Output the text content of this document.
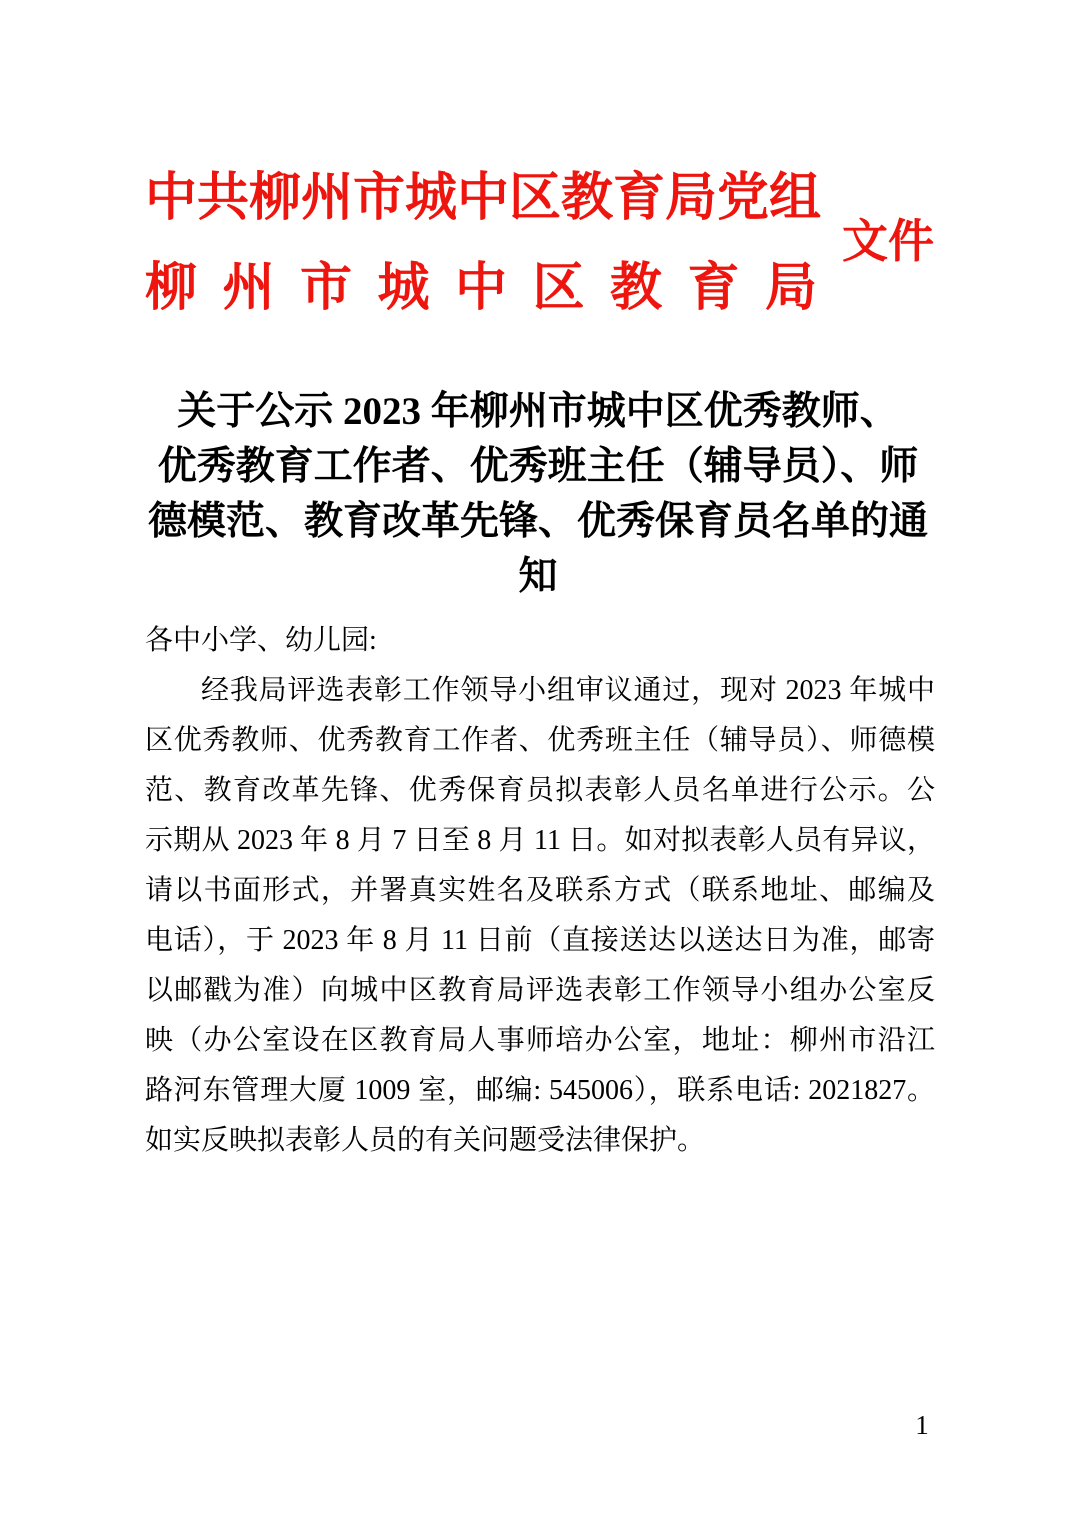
中共柳州市城中区教育局党组
柳州市城中区教育局
文件
关于公示 2023 年柳州市城中区优秀教师、
优秀教育工作者、优秀班主任（辅导员）、师
德模范、教育改革先锋、优秀保育员名单的通知
各中小学、幼儿园:
经我局评选表彰工作领导小组审议通过，现对 2023 年城中
区优秀教师、优秀教育工作者、优秀班主任（辅导员）、师德模
范、教育改革先锋、优秀保育员拟表彰人员名单进行公示。公
示期从 2023 年 8 月 7 日至 8 月 11 日。如对拟表彰人员有异议，
请以书面形式，并署真实姓名及联系方式（联系地址、邮编及
电话），于 2023 年 8 月 11 日前（直接送达以送达日为准，邮寄
以邮戳为准）向城中区教育局评选表彰工作领导小组办公室反
映（办公室设在区教育局人事师培办公室，地址：柳州市沿江
路河东管理大厦 1009 室，邮编: 545006），联系电话: 2021827。
如实反映拟表彰人员的有关问题受法律保护。
1
